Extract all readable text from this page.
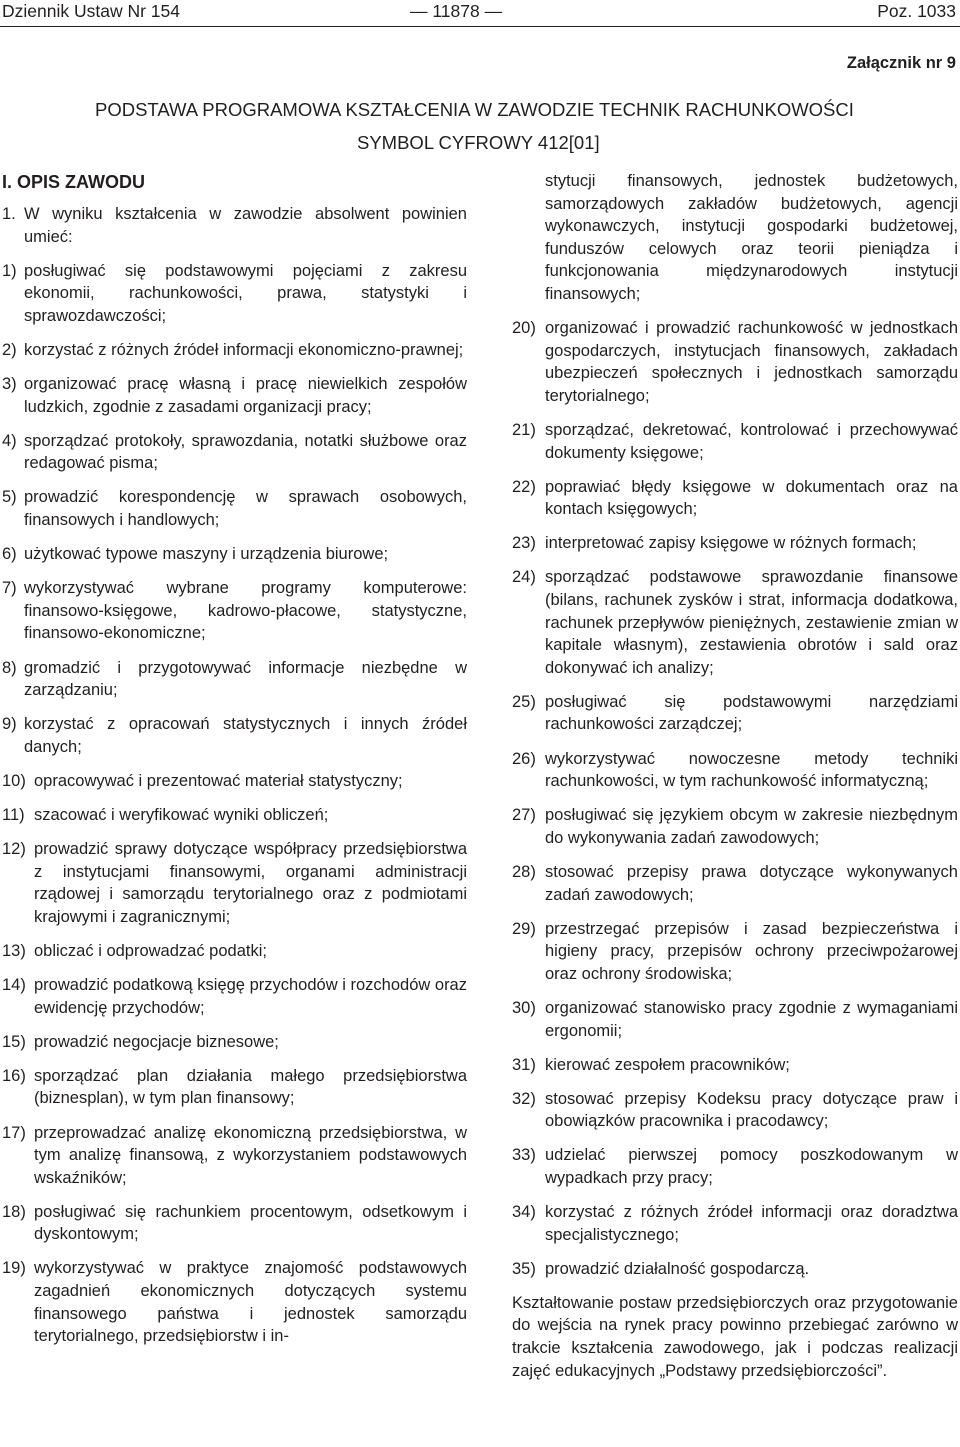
Dziennik Ustaw Nr 154	— 11878 —	Poz. 1033
Załącznik nr 9
PODSTAWA PROGRAMOWA KSZTAŁCENIA W ZAWODZIE TECHNIK RACHUNKOWOŚCI
SYMBOL CYFROWY 412[01]
I. OPIS ZAWODU
1. W wyniku kształcenia w zawodzie absolwent powinien umieć:
1) posługiwać się podstawowymi pojęciami z zakresu ekonomii, rachunkowości, prawa, statystyki i sprawozdawczości;
2) korzystać z różnych źródeł informacji ekonomiczno-prawnej;
3) organizować pracę własną i pracę niewielkich zespołów ludzkich, zgodnie z zasadami organizacji pracy;
4) sporządzać protokoły, sprawozdania, notatki służbowe oraz redagować pisma;
5) prowadzić korespondencję w sprawach osobowych, finansowych i handlowych;
6) użytkować typowe maszyny i urządzenia biurowe;
7) wykorzystywać wybrane programy komputerowe: finansowo-księgowe, kadrowo-płacowe, statystyczne, finansowo-ekonomiczne;
8) gromadzić i przygotowywać informacje niezbędne w zarządzaniu;
9) korzystać z opracowań statystycznych i innych źródeł danych;
10) opracowywać i prezentować materiał statystyczny;
11) szacować i weryfikować wyniki obliczeń;
12) prowadzić sprawy dotyczące współpracy przedsiębiorstwa z instytucjami finansowymi, organami administracji rządowej i samorządu terytorialnego oraz z podmiotami krajowymi i zagranicznymi;
13) obliczać i odprowadzać podatki;
14) prowadzić podatkową księgę przychodów i rozchodów oraz ewidencję przychodów;
15) prowadzić negocjacje biznesowe;
16) sporządzać plan działania małego przedsiębiorstwa (biznesplan), w tym plan finansowy;
17) przeprowadzać analizę ekonomiczną przedsiębiorstwa, w tym analizę finansową, z wykorzystaniem podstawowych wskaźników;
18) posługiwać się rachunkiem procentowym, odsetkowym i dyskontowym;
19) wykorzystywać w praktyce znajomość podstawowych zagadnień ekonomicznych dotyczących systemu finansowego państwa i jednostek samorządu terytorialnego, przedsiębiorstw i in-

stytucji finansowych, jednostek budżetowych, samorządowych zakładów budżetowych, agencji wykonawczych, instytucji gospodarki budżetowej, funduszów celowych oraz teorii pieniądza i funkcjonowania międzynarodowych instytucji finansowych;

20) organizować i prowadzić rachunkowość w jednostkach gospodarczych, instytucjach finansowych, zakładach ubezpieczeń społecznych i jednostkach samorządu terytorialnego;
21) sporządzać, dekretować, kontrolować i przechowywać dokumenty księgowe;
22) poprawiać błędy księgowe w dokumentach oraz na kontach księgowych;
23) interpretować zapisy księgowe w różnych formach;
24) sporządzać podstawowe sprawozdanie finansowe (bilans, rachunek zysków i strat, informacja dodatkowa, rachunek przepływów pieniężnych, zestawienie zmian w kapitale własnym), zestawienia obrotów i sald oraz dokonywać ich analizy;
25) posługiwać się podstawowymi narzędziami rachunkowości zarządczej;
26) wykorzystywać nowoczesne metody techniki rachunkowości, w tym rachunkowość informatyczną;
27) posługiwać się językiem obcym w zakresie niezbędnym do wykonywania zadań zawodowych;
28) stosować przepisy prawa dotyczące wykonywanych zadań zawodowych;
29) przestrzegać przepisów i zasad bezpieczeństwa i higieny pracy, przepisów ochrony przeciwpożarowej oraz ochrony środowiska;
30) organizować stanowisko pracy zgodnie z wymaganiami ergonomii;
31) kierować zespołem pracowników;
32) stosować przepisy Kodeksu pracy dotyczące praw i obowiązków pracownika i pracodawcy;
33) udzielać pierwszej pomocy poszkodowanym w wypadkach przy pracy;
34) korzystać z różnych źródeł informacji oraz doradztwa specjalistycznego;
35) prowadzić działalność gospodarczą.

Kształtowanie postaw przedsiębiorczych oraz przygotowanie do wejścia na rynek pracy powinno przebiegać zarówno w trakcie kształcenia zawodowego, jak i podczas realizacji zajęć edukacyjnych „Podstawy przedsiębiorczości”.
